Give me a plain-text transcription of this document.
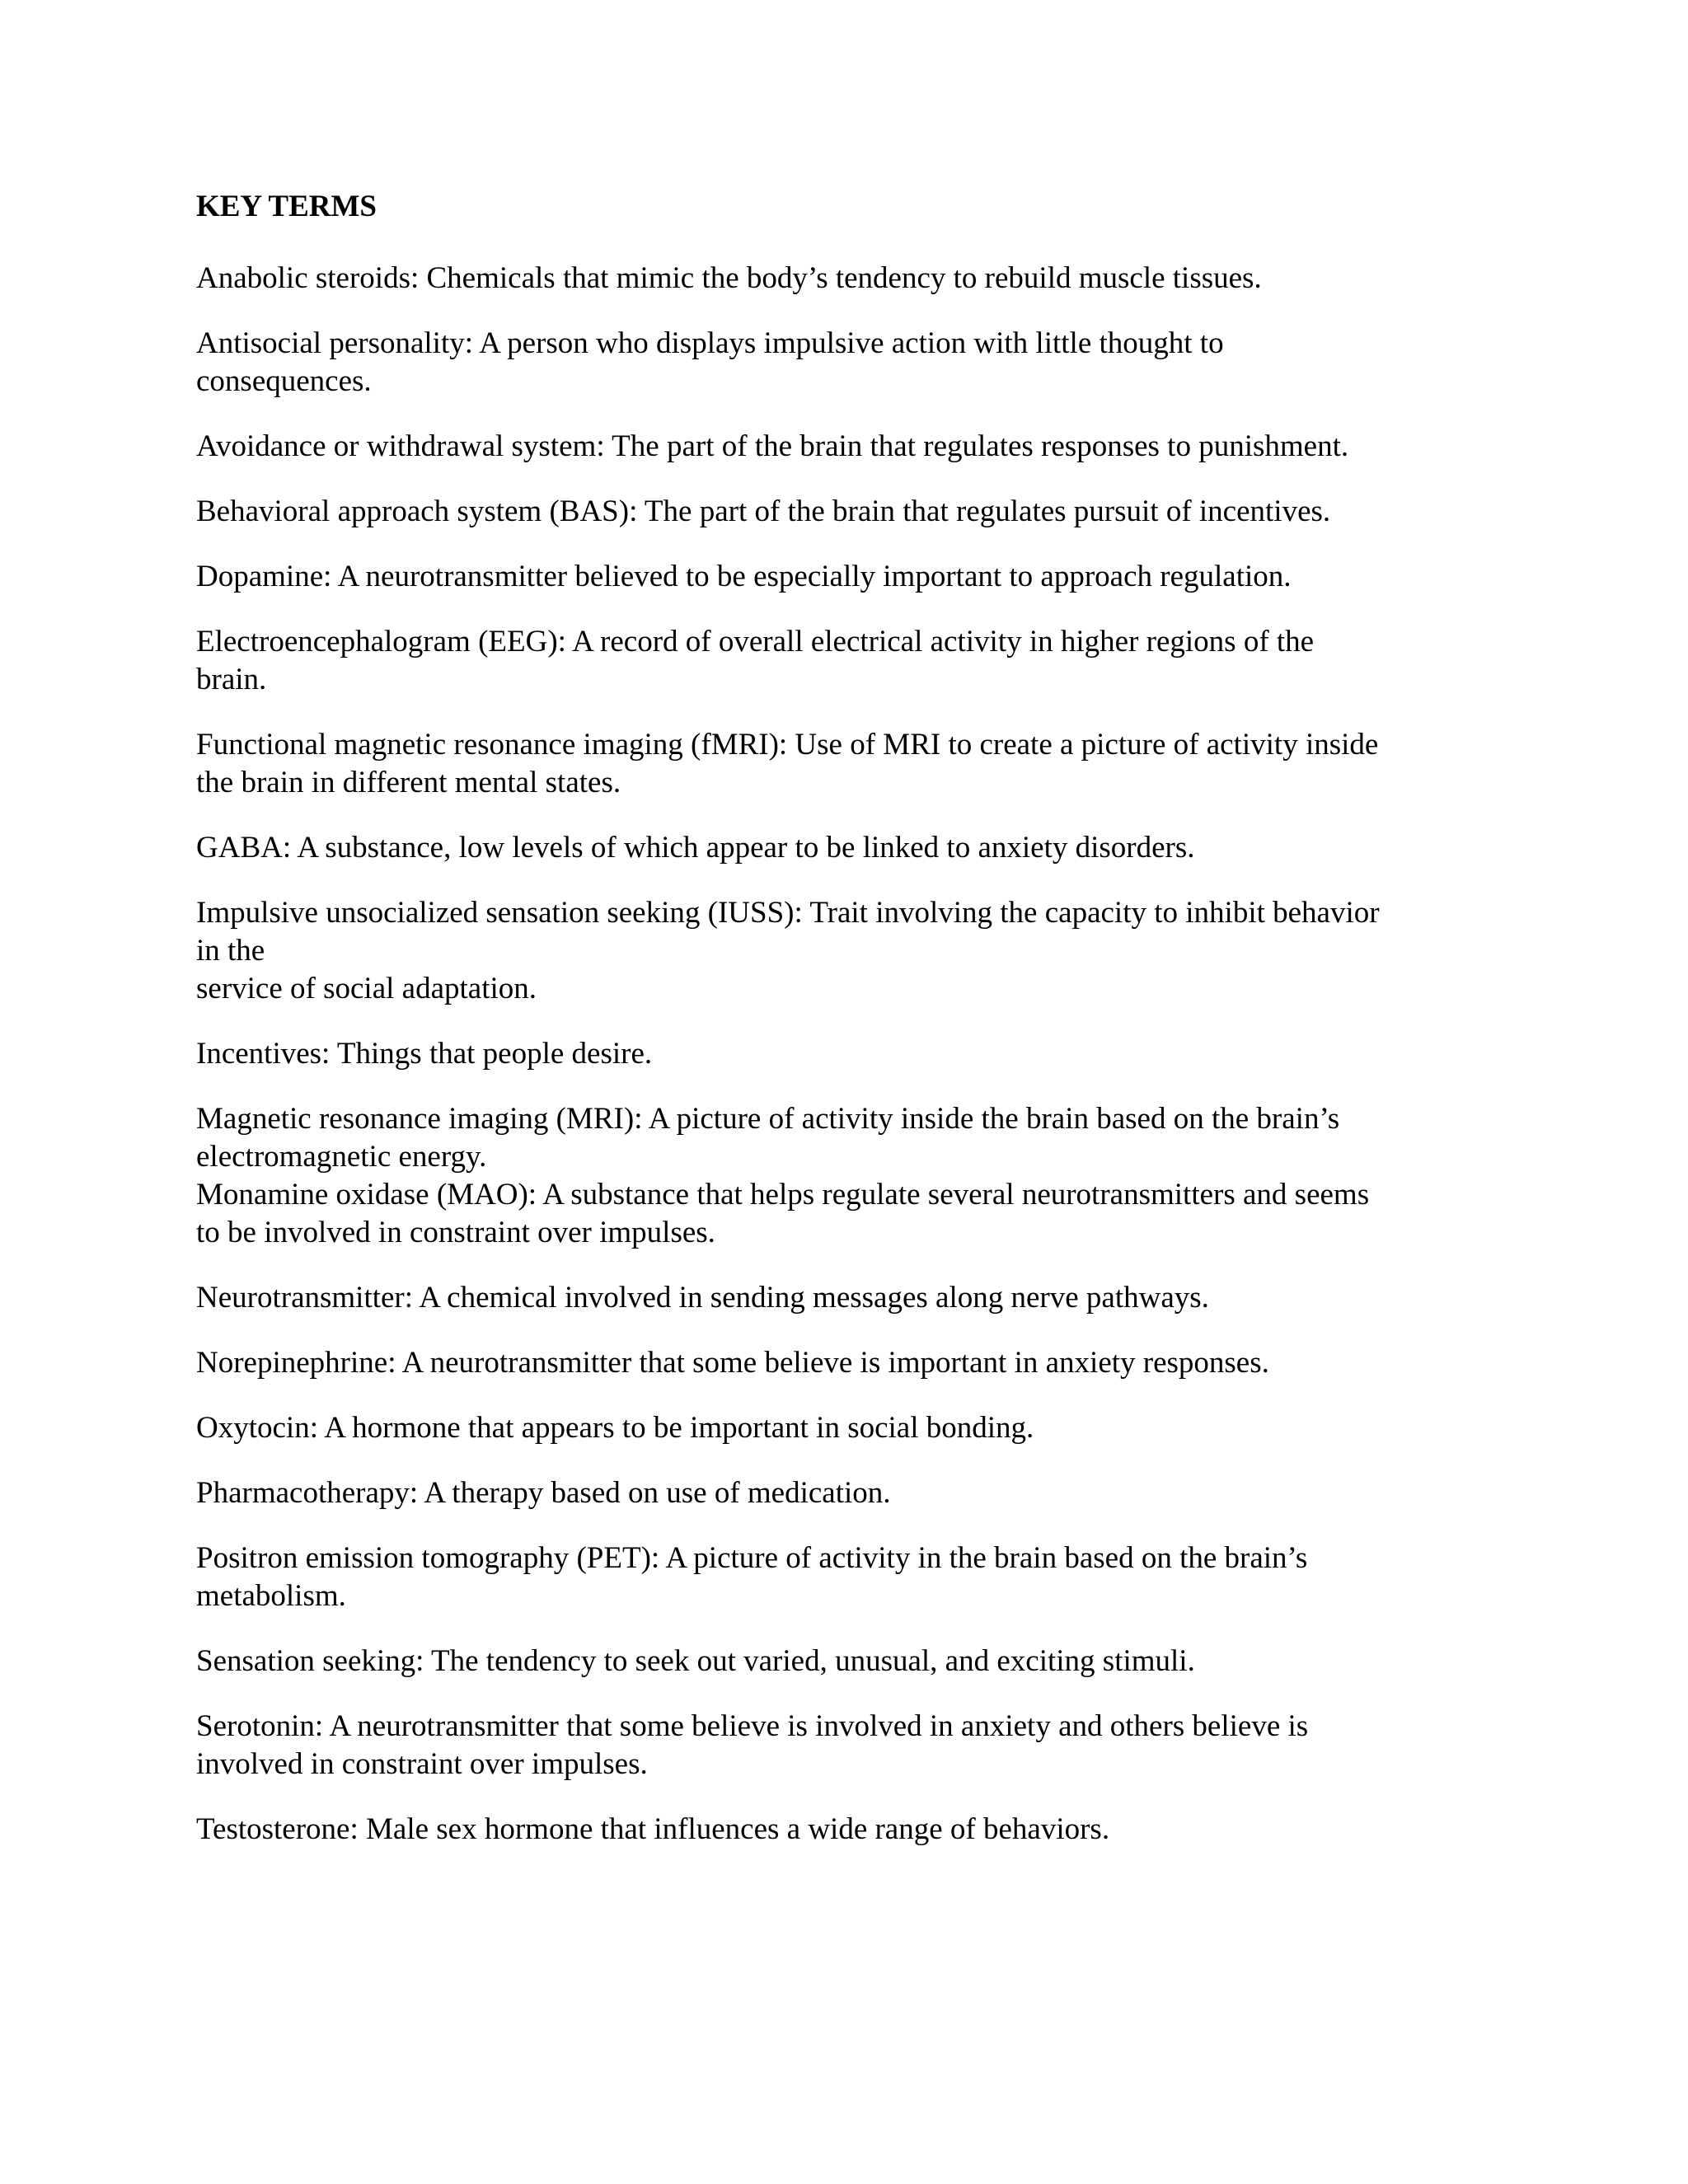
KEY TERMS

Anabolic steroids: Chemicals that mimic the body’s tendency to rebuild muscle tissues.

Antisocial personality: A person who displays impulsive action with little thought to
consequences.

Avoidance or withdrawal system: The part of the brain that regulates responses to punishment.

Behavioral approach system (BAS): The part of the brain that regulates pursuit of incentives.

Dopamine: A neurotransmitter believed to be especially important to approach regulation.

Electroencephalogram (EEG): A record of overall electrical activity in higher regions of the
brain.

Functional magnetic resonance imaging (fMRI): Use of MRI to create a picture of activity inside
the brain in different mental states.

GABA: A substance, low levels of which appear to be linked to anxiety disorders.

Impulsive unsocialized sensation seeking (IUSS): Trait involving the capacity to inhibit behavior
in the
service of social adaptation.

Incentives: Things that people desire.

Magnetic resonance imaging (MRI): A picture of activity inside the brain based on the brain’s
electromagnetic energy.

Monamine oxidase (MAO): A substance that helps regulate several neurotransmitters and seems
to be involved in constraint over impulses.

Neurotransmitter: A chemical involved in sending messages along nerve pathways.

Norepinephrine: A neurotransmitter that some believe is important in anxiety responses.

Oxytocin: A hormone that appears to be important in social bonding.

Pharmacotherapy: A therapy based on use of medication.

Positron emission tomography (PET): A picture of activity in the brain based on the brain’s
metabolism.

Sensation seeking: The tendency to seek out varied, unusual, and exciting stimuli.

Serotonin: A neurotransmitter that some believe is involved in anxiety and others believe is
involved in constraint over impulses.

Testosterone: Male sex hormone that influences a wide range of behaviors.
